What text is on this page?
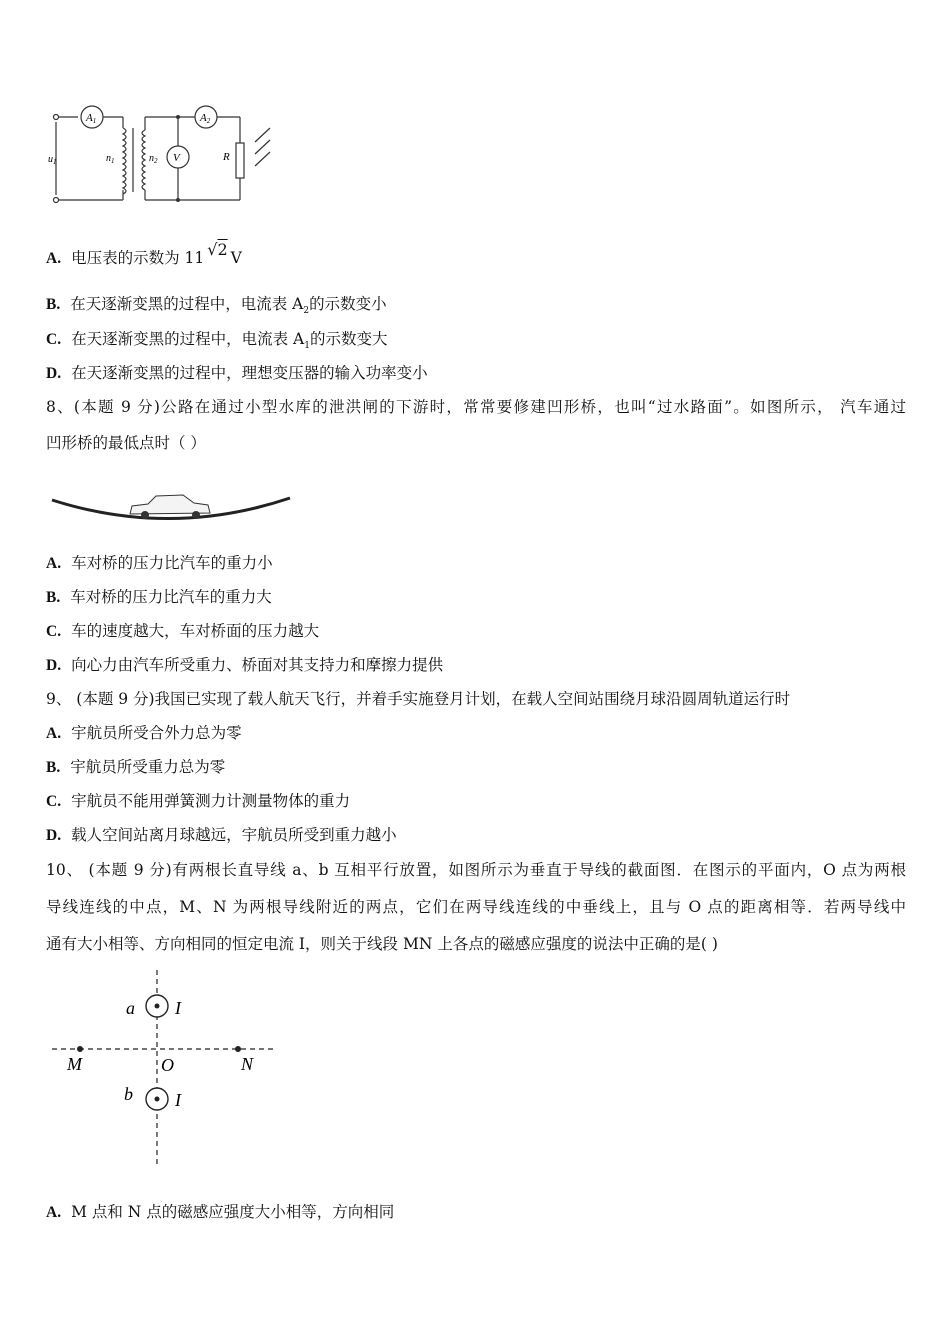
A1	A2
V
$u_1$	$n_1$	$n_2$	R
A. 电压表的示数为 11 √2 V
B. 在天逐渐变黑的过程中，电流表 $A_2$的示数变小
C. 在天逐渐变黑的过程中，电流表 $A_1$的示数变大
D. 在天逐渐变黑的过程中，理想变压器的输入功率变小
8、(本题 9 分)公路在通过小型水库的泄洪闸的下游时，常常要修建凹形桥，也叫“过水路面”。如图所示， 汽车通过
凹形桥的最低点时（ ）
A. 车对桥的压力比汽车的重力小
B. 车对桥的压力比汽车的重力大
C. 车的速度越大，车对桥面的压力越大
D. 向心力由汽车所受重力、桥面对其支持力和摩擦力提供
9、 (本题 9 分)我国已实现了载人航天飞行，并着手实施登月计划，在载人空间站围绕月球沿圆周轨道运行时
A. 宇航员所受合外力总为零
B. 宇航员所受重力总为零
C. 宇航员不能用弹簧测力计测量物体的重力
D. 载人空间站离月球越远，宇航员所受到重力越小
10、 (本题 9 分)有两根长直导线 a、b 互相平行放置，如图所示为垂直于导线的截面图．在图示的平面内，O 点为两根
导线连线的中点，M、N 为两根导线附近的两点，它们在两导线连线的中垂线上，且与 O 点的距离相等．若两导线中
通有大小相等、方向相同的恒定电流 I，则关于线段 MN 上各点的磁感应强度的说法中正确的是( )
a I
b I
M	O	N
A. M 点和 N 点的磁感应强度大小相等，方向相同
